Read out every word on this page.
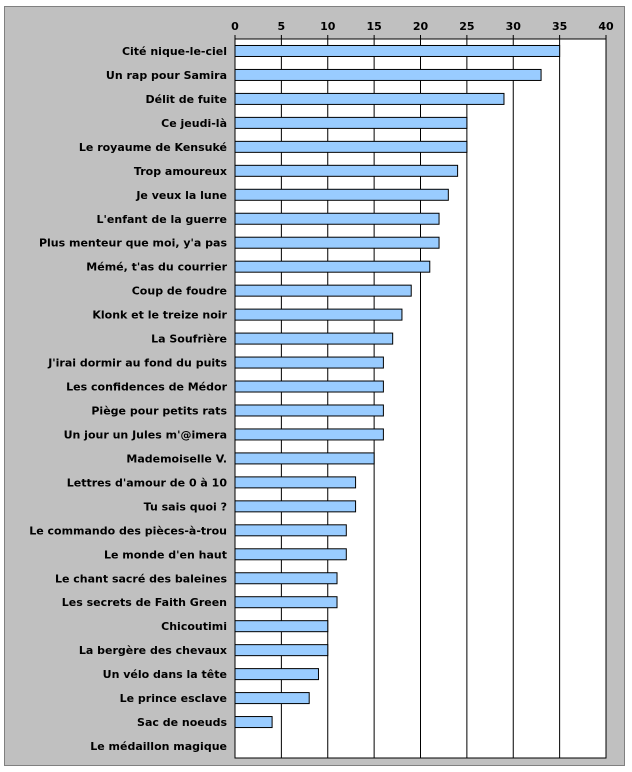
0	5	10	15	20	25	30	35	40
Cité nique-le-ciel
Un rap pour Samira
Délit de fuite
Ce jeudi-là
Le royaume de Kensuké
Trop amoureux
Je veux la lune
L'enfant de la guerre
Plus menteur que moi, y'a pas
Mémé, t'as du courrier
Coup de foudre
Klonk et le treize noir
La Soufrière
J'irai dormir au fond du puits
Les confidences de Médor
Piège pour petits rats
Un jour un Jules m'@imera
Mademoiselle V.
Lettres d'amour de 0 à 10
Tu sais quoi ?
Le commando des pièces-à-trou
Le monde d'en haut
Le chant sacré des baleines
Les secrets de Faith Green
Chicoutimi
La bergère des chevaux
Un vélo dans la tête
Le prince esclave
Sac de noeuds
Le médaillon magique
